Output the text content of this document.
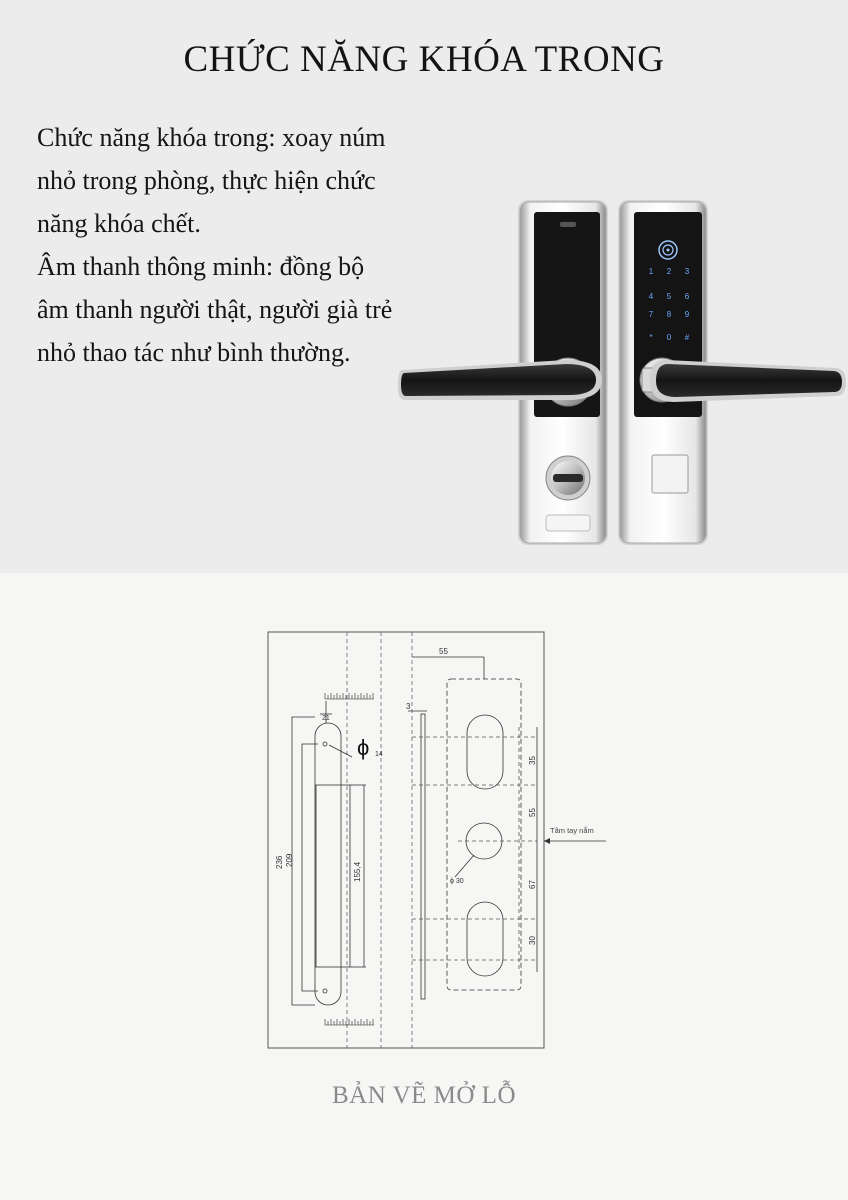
CHỨC NĂNG KHÓA TRONG

Chức năng khóa trong: xoay núm

nhỏ trong phòng, thực hiện chức

năng khóa chết.

Âm thanh thông minh: đồng bộ

âm thanh người thật, người già trẻ

nhỏ thao tác như bình thường.

1 2 3
4 5 6
7 8 9
* 0 #
55
3
21
ϕ 14
236 209
155,4	ϕ 30
35
55
67
30
Tâm tay nắm
BẢN VẼ MỞ LỖ
